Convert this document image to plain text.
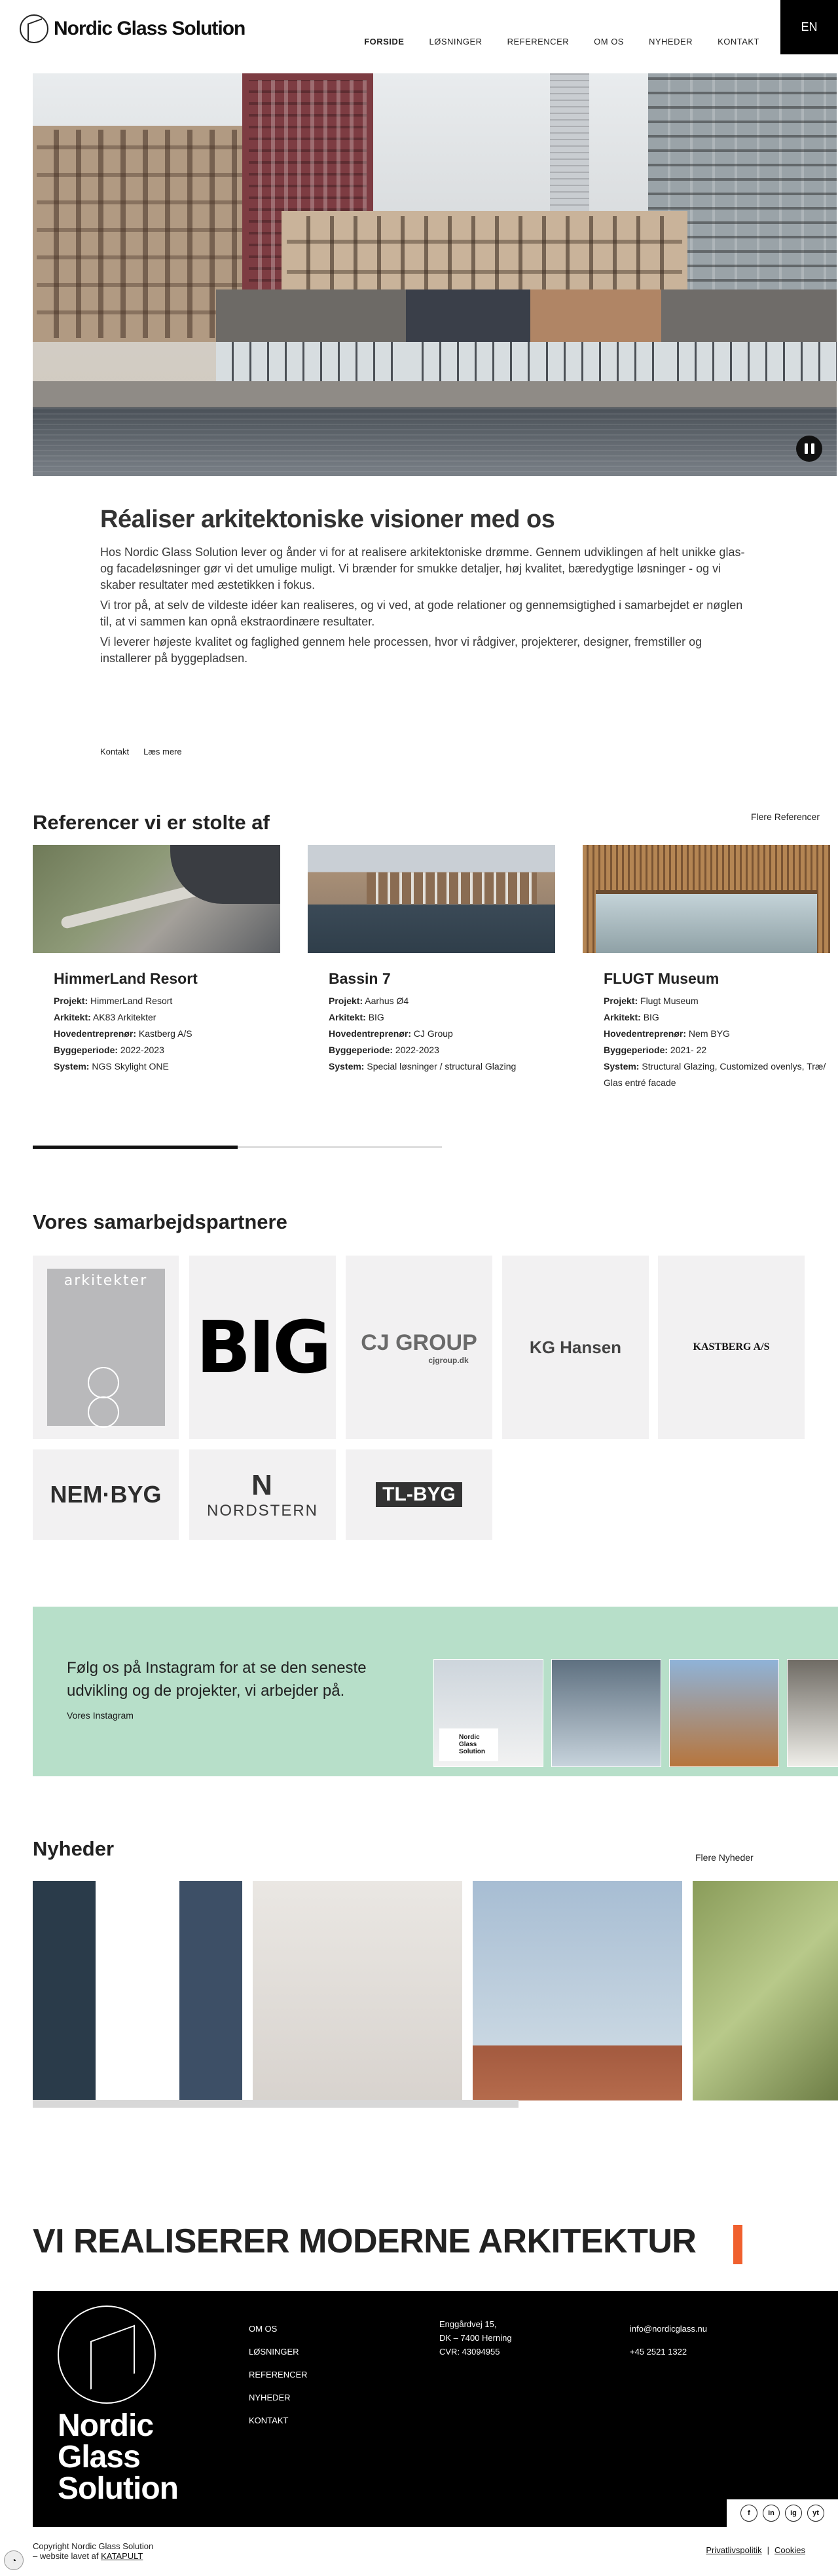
Nordic Glass Solution
FORSIDE	LØSNINGER	REFERENCER	OM OS	NYHEDER	KONTAKT
EN
Réaliser arkitektoniske visioner med os

Hos Nordic Glass Solution lever og ånder vi for at realisere arkitektoniske drømme. Gennem udviklingen af helt unikke glas- og facadeløsninger gør vi det umulige muligt. Vi brænder for smukke detaljer, høj kvalitet, bæredygtige løsninger - og vi skaber resultater med æstetikken i fokus.

Vi tror på, at selv de vildeste idéer kan realiseres, og vi ved, at gode relationer og gennemsigtighed i samarbejdet er nøglen til, at vi sammen kan opnå ekstraordinære resultater.

Vi leverer højeste kvalitet og faglighed gennem hele processen, hvor vi rådgiver, projekterer, designer, fremstiller og installerer på byggepladsen.

Kontakt Læs mere
Referencer vi er stolte af	Flere Referencer
HimmerLand Resort
Projekt: HimmerLand Resort
Arkitekt: AK83 Arkitekter
Hovedentreprenør: Kastberg A/S
Byggeperiode: 2022-2023
System: NGS Skylight ONE
Bassin 7
Projekt: Aarhus Ø4
Arkitekt: BIG
Hovedentreprenør: CJ Group
Byggeperiode: 2022-2023
System: Special løsninger / structural Glazing
FLUGT Museum
Projekt: Flugt Museum
Arkitekt: BIG
Hovedentreprenør: Nem BYG
Byggeperiode: 2021- 22
System: Structural Glazing, Customized ovenlys, Træ/ Glas entré facade
Vores samarbejdspartnere
arkitekter
BIG CJ GROUP
cjgroup.dk
KG Hansen	KASTBERG A/S
NEM·BYG	N
NORDSTERN
TL-BYG
Følg os på Instagram for at se den seneste udvikling og de projekter, vi arbejder på.
Vores Instagram
Nordic Glass Solution
Nyheder	Flere Nyheder
VI REALISERER MODERNE ARKITEKTUR
Nordic Glass Solution
OM OS
LØSNINGER
REFERENCER
NYHEDER
KONTAKT
Enggårdvej 15,
DK – 7400 Herning
CVR: 43094955
info@nordicglass.nu
+45 2521 1322
f	in	ig	yt
◔
Copyright Nordic Glass Solution
– website lavet af KATAPULT
Privatlivspolitik | Cookies
